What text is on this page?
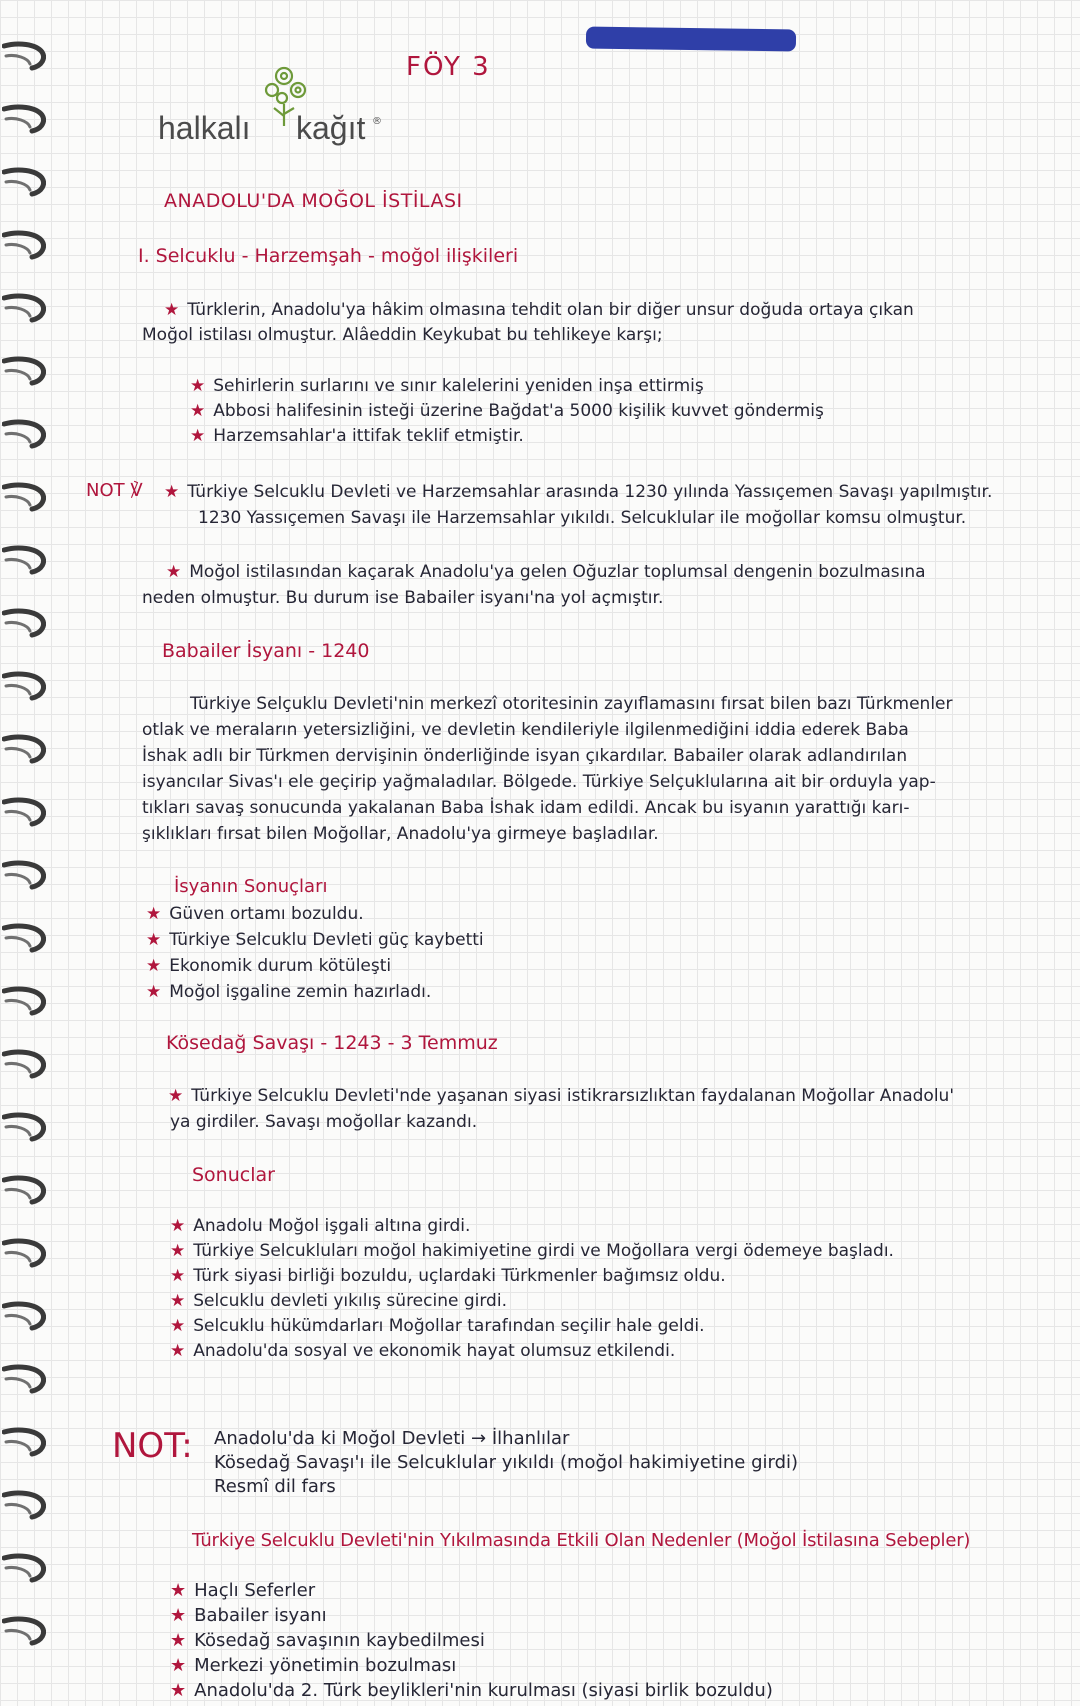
FÖY 3
halkalı kağıt ®
ANADOLU'DA MOĞOL İSTİLASI
I. Selcuklu - Harzemşah - moğol ilişkileri
★ Türklerin, Anadolu'ya hâkim olmasına tehdit olan bir diğer unsur doğuda ortaya çıkan
Moğol istilası olmuştur. Alâeddin Keykubat bu tehlikeye karşı;
★ Sehirlerin surlarını ve sınır kalelerini yeniden inşa ettirmiş
★ Abbosi halifesinin isteği üzerine Bağdat'a 5000 kişilik kuvvet göndermiş
★ Harzemsahlar'a ittifak teklif etmiştir.
NOT ℣ ★ Türkiye Selcuklu Devleti ve Harzemsahlar arasında 1230 yılında Yassıçemen Savaşı yapılmıştır.
1230 Yassıçemen Savaşı ile Harzemsahlar yıkıldı. Selcuklular ile moğollar komsu olmuştur.
★ Moğol istilasından kaçarak Anadolu'ya gelen Oğuzlar toplumsal dengenin bozulmasına
neden olmuştur. Bu durum ise Babailer isyanı'na yol açmıştır.
Babailer İsyanı - 1240
Türkiye Selçuklu Devleti'nin merkezî otoritesinin zayıflamasını fırsat bilen bazı Türkmenler
otlak ve meraların yetersizliğini, ve devletin kendileriyle ilgilenmediğini iddia ederek Baba
İshak adlı bir Türkmen dervişinin önderliğinde isyan çıkardılar. Babailer olarak adlandırılan
isyancılar Sivas'ı ele geçirip yağmaladılar. Bölgede. Türkiye Selçuklularına ait bir orduyla yap-
tıkları savaş sonucunda yakalanan Baba İshak idam edildi. Ancak bu isyanın yarattığı karı-
şıklıkları fırsat bilen Moğollar, Anadolu'ya girmeye başladılar.
İsyanın Sonuçları
★ Güven ortamı bozuldu.
★ Türkiye Selcuklu Devleti güç kaybetti
★ Ekonomik durum kötüleşti
★ Moğol işgaline zemin hazırladı.
Kösedağ Savaşı - 1243 - 3 Temmuz
★ Türkiye Selcuklu Devleti'nde yaşanan siyasi istikrarsızlıktan faydalanan Moğollar Anadolu'
ya girdiler. Savaşı moğollar kazandı.
Sonuclar
★ Anadolu Moğol işgali altına girdi.
★ Türkiye Selcukluları moğol hakimiyetine girdi ve Moğollara vergi ödemeye başladı.
★ Türk siyasi birliği bozuldu, uçlardaki Türkmenler bağımsız oldu.
★ Selcuklu devleti yıkılış sürecine girdi.
★ Selcuklu hükümdarları Moğollar tarafından seçilir hale geldi.
★ Anadolu'da sosyal ve ekonomik hayat olumsuz etkilendi.
NOT: Anadolu'da ki Moğol Devleti → İlhanlılar
Kösedağ Savaşı'ı ile Selcuklular yıkıldı (moğol hakimiyetine girdi)
Resmî dil fars
Türkiye Selcuklu Devleti'nin Yıkılmasında Etkili Olan Nedenler (Moğol İstilasına Sebepler)
★ Haçlı Seferler
★ Babailer isyanı
★ Kösedağ savaşının kaybedilmesi
★ Merkezi yönetimin bozulması
★ Anadolu'da 2. Türk beylikleri'nin kurulması (siyasi birlik bozuldu)
